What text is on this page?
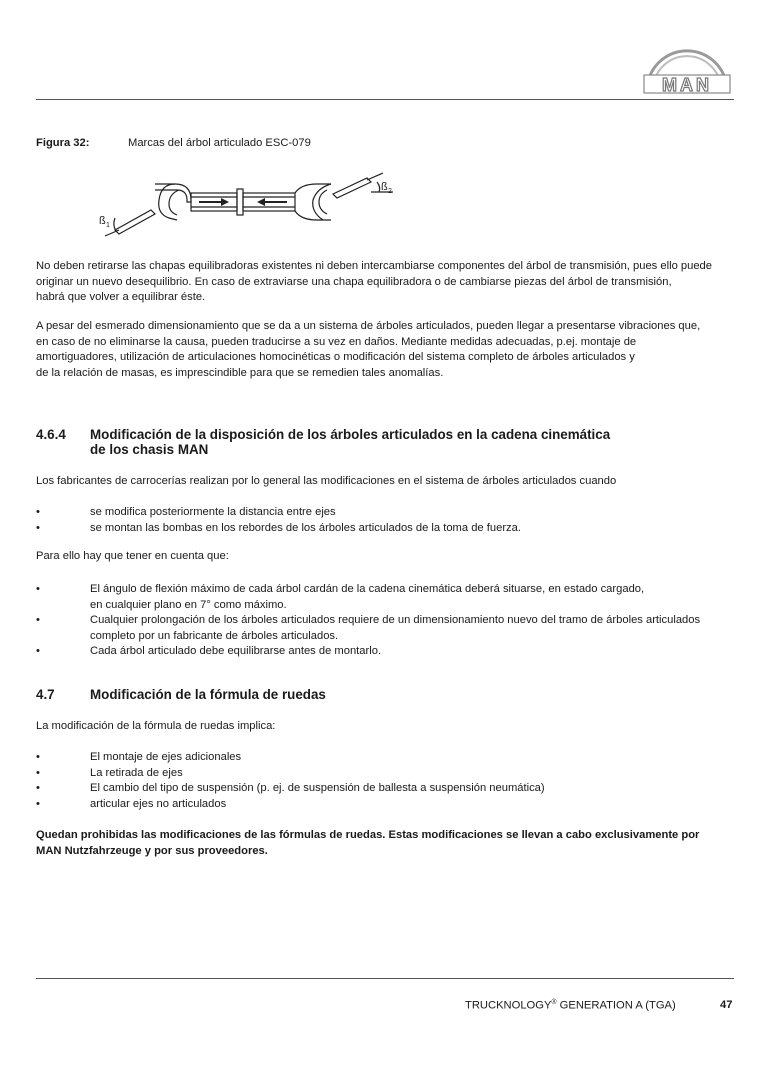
MAN
Figura 32:	Marcas del árbol articulado ESC-079
ß 1
ß 2
No deben retirarse las chapas equilibradoras existentes ni deben intercambiarse componentes del árbol de transmisión, pues ello puede
originar un nuevo desequilibrio. En caso de extraviarse una chapa equilibradora o de cambiarse piezas del árbol de transmisión,
habrá que volver a equilibrar éste.
A pesar del esmerado dimensionamiento que se da a un sistema de árboles articulados, pueden llegar a presentarse vibraciones que,
en caso de no eliminarse la causa, pueden traducirse a su vez en daños. Mediante medidas adecuadas, p.ej. montaje de
amortiguadores, utilización de articulaciones homocinéticas o modificación del sistema completo de árboles articulados y
de la relación de masas, es imprescindible para que se remedien tales anomalías.
4.6.4 Modificación de la disposición de los árboles articulados en la cadena cinemática
de los chasis MAN
Los fabricantes de carrocerías realizan por lo general las modificaciones en el sistema de árboles articulados cuando
•	se modifica posteriormente la distancia entre ejes
•	se montan las bombas en los rebordes de los árboles articulados de la toma de fuerza.
Para ello hay que tener en cuenta que:
•	El ángulo de flexión máximo de cada árbol cardán de la cadena cinemática deberá situarse, en estado cargado,
en cualquier plano en 7° como máximo.
•	Cualquier prolongación de los árboles articulados requiere de un dimensionamiento nuevo del tramo de árboles articulados
completo por un fabricante de árboles articulados.
•	Cada árbol articulado debe equilibrarse antes de montarlo.
4.7	Modificación de la fórmula de ruedas
La modificación de la fórmula de ruedas implica:
•	El montaje de ejes adicionales
•	La retirada de ejes
•	El cambio del tipo de suspensión (p. ej. de suspensión de ballesta a suspensión neumática)
•	articular ejes no articulados
Quedan prohibidas las modificaciones de las fórmulas de ruedas. Estas modificaciones se llevan a cabo exclusivamente por
MAN Nutzfahrzeuge y por sus proveedores.
TRUCKNOLOGY® GENERATION A (TGA)	47
